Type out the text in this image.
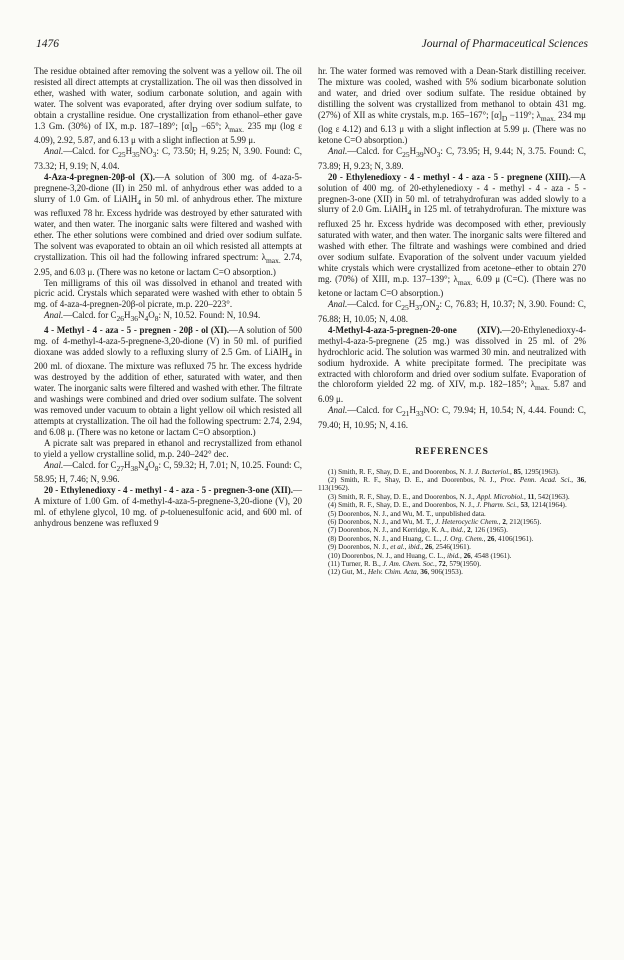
1476	Journal of Pharmaceutical Sciences

The residue obtained after removing the solvent was a yellow oil. The oil resisted all direct attempts at crystallization. The oil was then dissolved in ether, washed with water, sodium carbonate solution, and again with water. The solvent was evaporated, after drying over sodium sulfate, to obtain a crystalline residue. One crystallization from ethanol–ether gave 1.3 Gm. (30%) of IX, m.p. 187–189°; $[\alpha]_D -65^\circ$; $\lambda_{max.}$ 235 mμ (log ε 4.09), 2.92, 5.87, and 6.13 μ with a slight inflection at 5.99 μ.

Anal.—Calcd. for $C_{25}H_{35}NO_3$: C, 73.50; H, 9.25; N, 3.90. Found: C, 73.32; H, 9.19; N, 4.04.

4-Aza-4-pregnen-20β-ol (X).—A solution of 300 mg. of 4-aza-5-pregnene-3,20-dione (II) in 250 ml. of anhydrous ether was added to a slurry of 1.0 Gm. of LiAlH$_4$ in 50 ml. of anhydrous ether. The mixture was refluxed 78 hr. Excess hydride was destroyed by ether saturated with water, and then water. The inorganic salts were filtered and washed with ether. The ether solutions were combined and dried over sodium sulfate. The solvent was evaporated to obtain an oil which resisted all attempts at crystallization. This oil had the following infrared spectrum: $\lambda_{max.}$ 2.74, 2.95, and 6.03 μ. (There was no ketone or lactam C=O absorption.)

Ten milligrams of this oil was dissolved in ethanol and treated with picric acid. Crystals which separated were washed with ether to obtain 5 mg. of 4-aza-4-pregnen-20β-ol picrate, m.p. 220–223°.

Anal.—Calcd. for $C_{26}H_{36}N_4O_8$: N, 10.52. Found: N, 10.94.

4 - Methyl - 4 - aza - 5 - pregnen - 20β - ol (XI).—A solution of 500 mg. of 4-methyl-4-aza-5-pregnene-3,20-dione (V) in 50 ml. of purified dioxane was added slowly to a refluxing slurry of 2.5 Gm. of LiAlH$_4$ in 200 ml. of dioxane. The mixture was refluxed 75 hr. The excess hydride was destroyed by the addition of ether, saturated with water, and then water. The inorganic salts were filtered and washed with ether. The filtrate and washings were combined and dried over sodium sulfate. The solvent was removed under vacuum to obtain a light yellow oil which resisted all attempts at crystallization. The oil had the following spectrum: 2.74, 2.94, and 6.08 μ. (There was no ketone or lactam C=O absorption.)

A picrate salt was prepared in ethanol and recrystallized from ethanol to yield a yellow crystalline solid, m.p. 240–242° dec.

Anal.—Calcd. for $C_{27}H_{38}N_4O_8$: C, 59.32; H, 7.01; N, 10.25. Found: C, 58.95; H, 7.46; N, 9.96.

20 - Ethylenedioxy - 4 - methyl - 4 - aza - 5 - pregnen-3-one (XII).—A mixture of 1.00 Gm. of 4-methyl-4-aza-5-pregnene-3,20-dione (V), 20 ml. of ethylene glycol, 10 mg. of p-toluenesulfonic acid, and 600 ml. of anhydrous benzene was refluxed 9

hr. The water formed was removed with a Dean-Stark distilling receiver. The mixture was cooled, washed with 5% sodium bicarbonate solution and water, and dried over sodium sulfate. The residue obtained by distilling the solvent was crystallized from methanol to obtain 431 mg. (27%) of XII as white crystals, m.p. 165–167°; $[\alpha]_D -119^\circ$; $\lambda_{max.}$ 234 mμ (log ε 4.12) and 6.13 μ with a slight inflection at 5.99 μ. (There was no ketone C=O absorption.)

Anal.—Calcd. for $C_{25}H_{39}NO_3$: C, 73.95; H, 9.44; N, 3.75. Found: C, 73.89; H, 9.23; N, 3.89.

20 - Ethylenedioxy - 4 - methyl - 4 - aza - 5 - pregnene (XIII).—A solution of 400 mg. of 20-ethylenedioxy - 4 - methyl - 4 - aza - 5 - pregnen-3-one (XII) in 50 ml. of tetrahydrofuran was added slowly to a slurry of 2.0 Gm. LiAlH$_4$ in 125 ml. of tetrahydrofuran. The mixture was refluxed 25 hr. Excess hydride was decomposed with ether, previously saturated with water, and then water. The inorganic salts were filtered and washed with ether. The filtrate and washings were combined and dried over sodium sulfate. Evaporation of the solvent under vacuum yielded white crystals which were crystallized from acetone–ether to obtain 270 mg. (70%) of XIII, m.p. 137–139°; $\lambda_{max.}$ 6.09 μ (C=C). (There was no ketone or lactam C=O absorption.)

Anal.—Calcd. for $C_{25}H_{37}ON_2$: C, 76.83; H, 10.37; N, 3.90. Found: C, 76.88; H, 10.05; N, 4.08.

4-Methyl-4-aza-5-pregnen-20-one (XIV).—20-Ethylenedioxy-4-methyl-4-aza-5-pregnene (25 mg.) was dissolved in 25 ml. of 2% hydrochloric acid. The solution was warmed 30 min. and neutralized with sodium hydroxide. A white precipitate formed. The precipitate was extracted with chloroform and dried over sodium sulfate. Evaporation of the chloroform yielded 22 mg. of XIV, m.p. 182–185°; $\lambda_{max.}$ 5.87 and 6.09 μ.

Anal.—Calcd. for $C_{21}H_{33}NO$: C, 79.94; H, 10.54; N, 4.44. Found: C, 79.40; H, 10.95; N, 4.16.

REFERENCES

(1) Smith, R. F., Shay, D. E., and Doorenbos, N. J. J. Bacteriol., 85, 1295(1963).

(2) Smith, R. F., Shay, D. E., and Doorenbos, N. J., Proc. Penn. Acad. Sci., 36, 113(1962).

(3) Smith, R. F., Shay, D. E., and Doorenbos, N. J., Appl. Microbiol., 11, 542(1963).

(4) Smith, R. F., Shay, D. E., and Doorenbos, N. J., J. Pharm. Sci., 53, 1214(1964).

(5) Doorenbos, N. J., and Wu, M. T., unpublished data.

(6) Doorenbos, N. J., and Wu, M. T., J. Heterocyclic Chem., 2, 212(1965).

(7) Doorenbos, N. J., and Kerridge, K. A., ibid., 2, 126 (1965).

(8) Doorenbos, N. J., and Huang, C. L., J. Org. Chem., 26, 4106(1961).

(9) Doorenbos, N. J., et al., ibid., 26, 2546(1961).

(10) Doorenbos, N. J., and Huang, C. L., ibid., 26, 4548 (1961).

(11) Turner, R. B., J. Am. Chem. Soc., 72, 579(1950).

(12) Gut, M., Helv. Chim. Acta, 36, 906(1953).
